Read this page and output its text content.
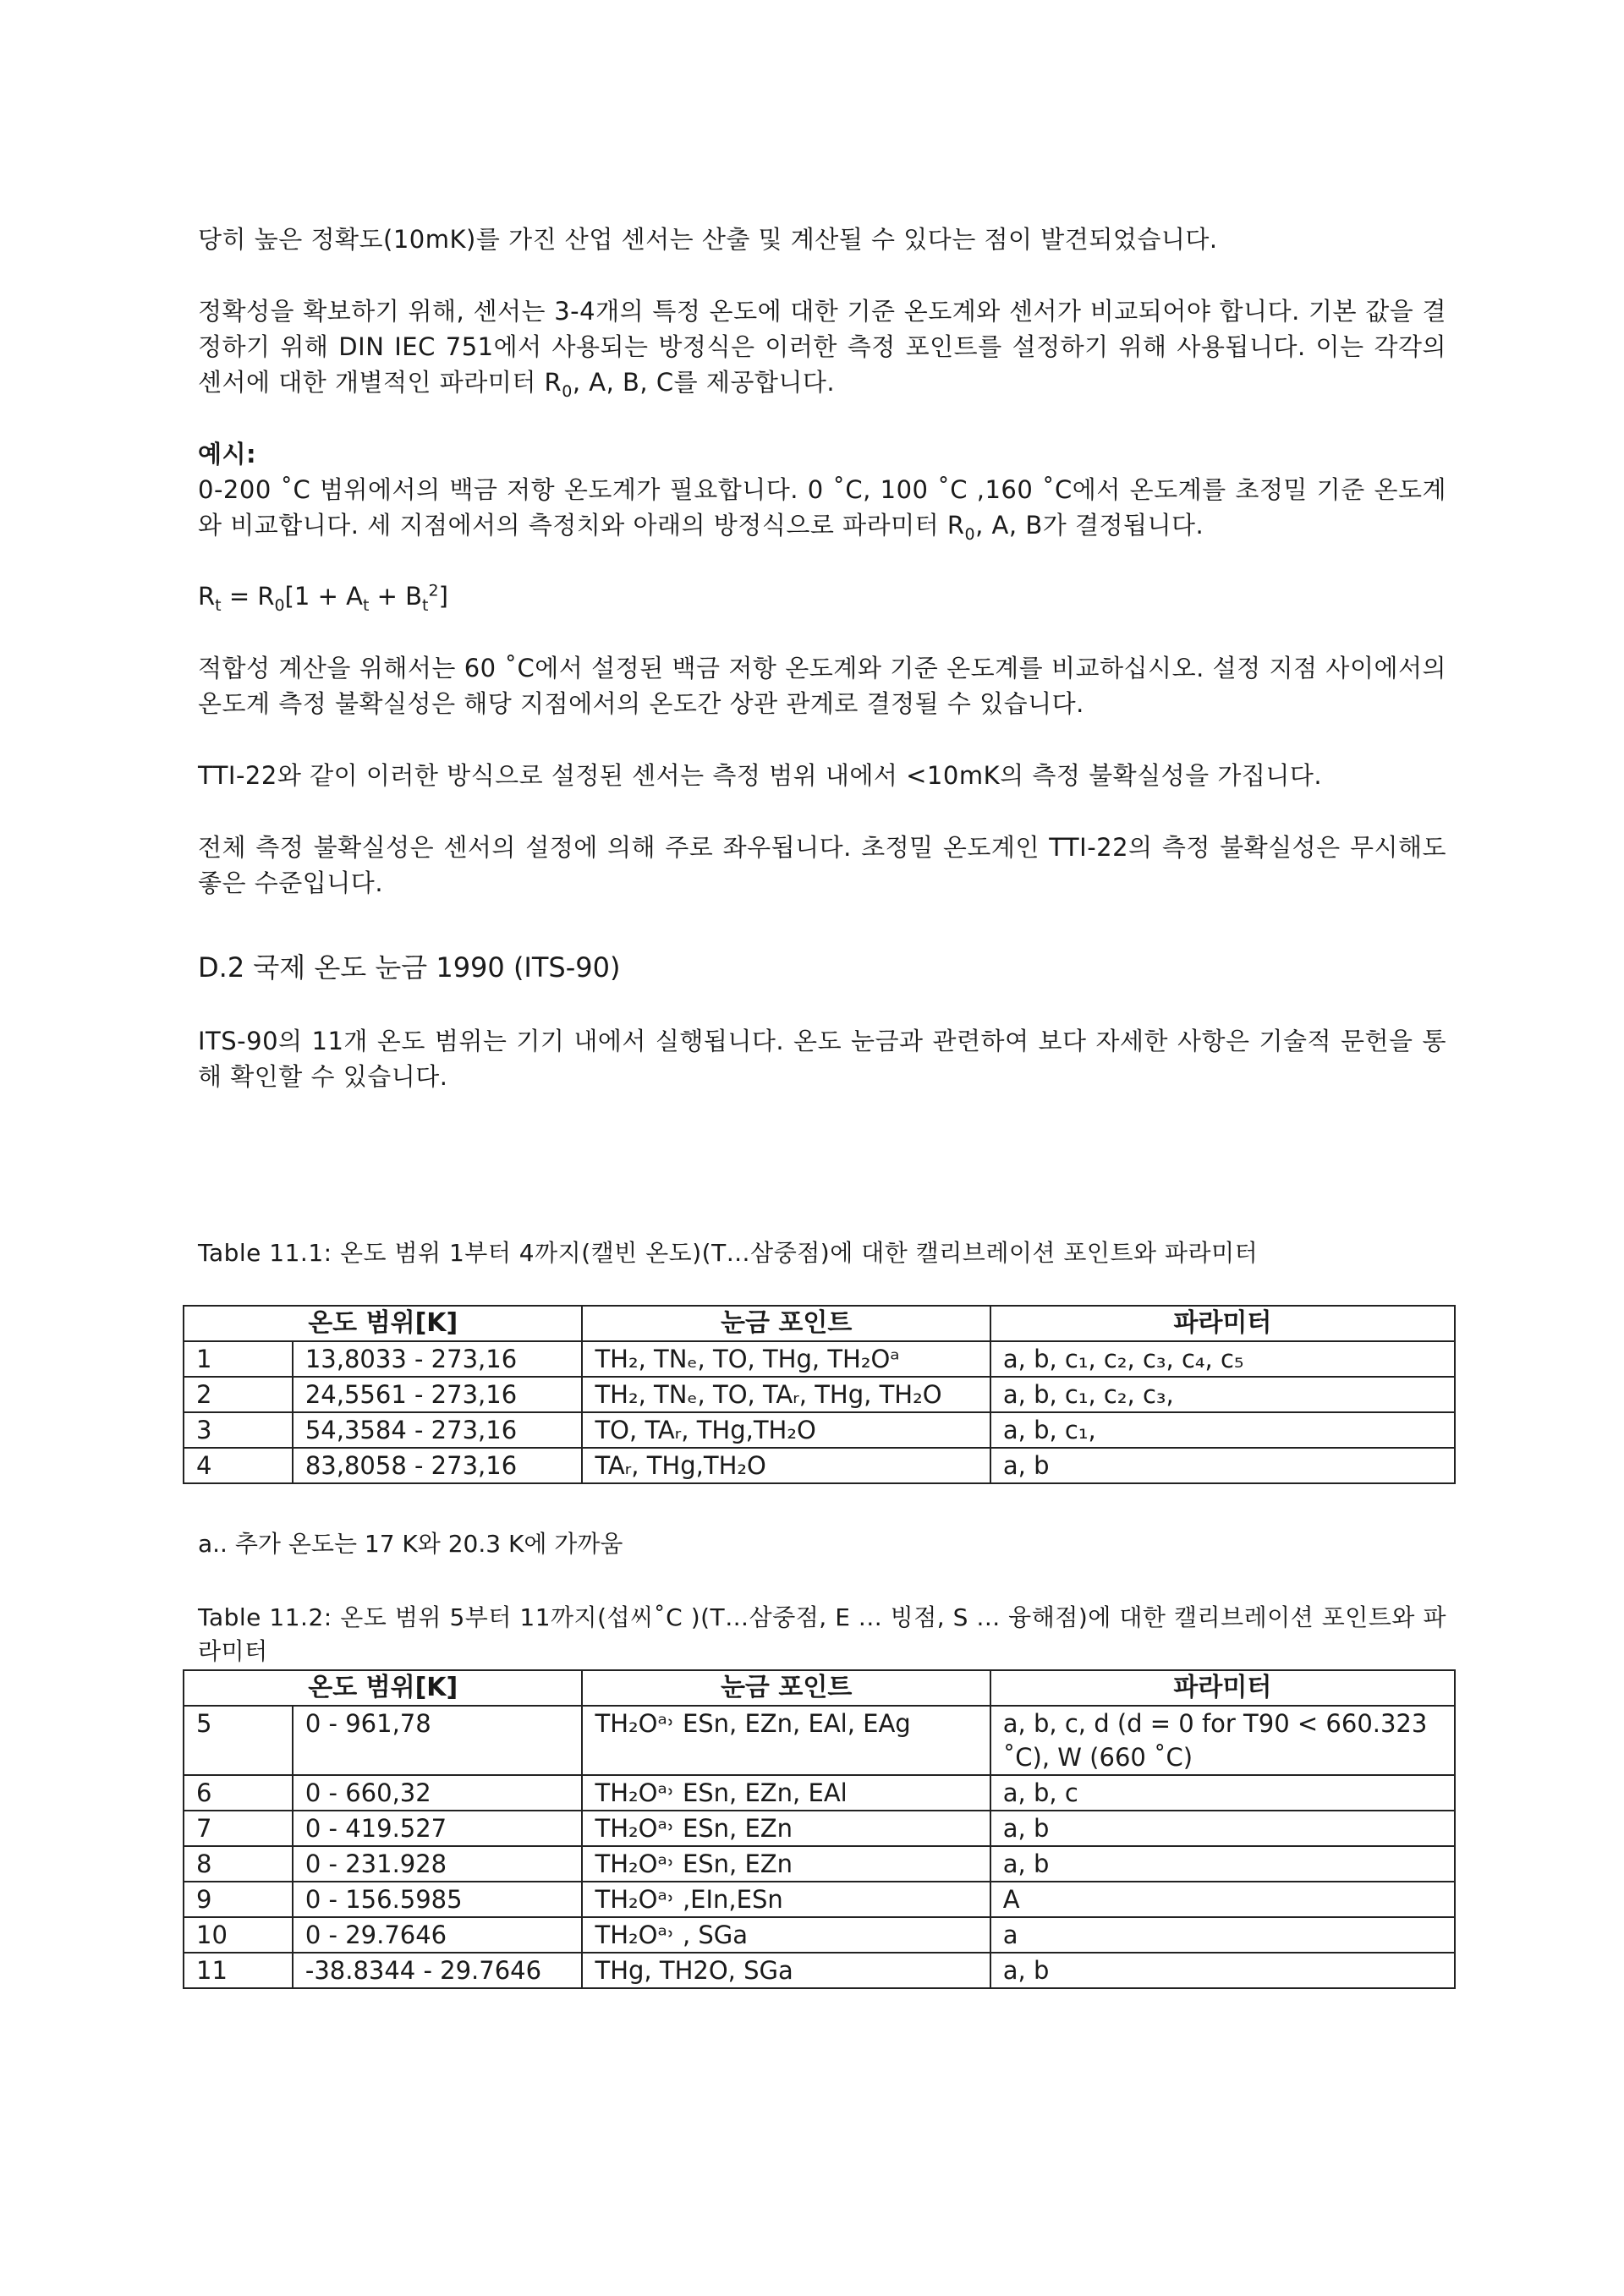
당히 높은 정확도(10mK)를 가진 산업 센서는 산출 및 계산될 수 있다는 점이 발견되었습니다.

정확성을 확보하기 위해, 센서는 3-4개의 특정 온도에 대한 기준 온도계와 센서가 비교되어야 합니다. 기본 값을 결정하기 위해 DIN IEC 751에서 사용되는 방정식은 이러한 측정 포인트를 설정하기 위해 사용됩니다. 이는 각각의 센서에 대한 개별적인 파라미터 $R_0$, A, B, C를 제공합니다.

예시:

0-200 ˚C 범위에서의 백금 저항 온도계가 필요합니다. 0 ˚C, 100 ˚C ,160 ˚C에서 온도계를 초정밀 기준 온도계와 비교합니다. 세 지점에서의 측정치와 아래의 방정식으로 파라미터 $R_0$, A, B가 결정됩니다.

$R_t = R_0[1 + A_t + B_t^2]$

적합성 계산을 위해서는 60 ˚C에서 설정된 백금 저항 온도계와 기준 온도계를 비교하십시오. 설정 지점 사이에서의 온도계 측정 불확실성은 해당 지점에서의 온도간 상관 관계로 결정될 수 있습니다.

TTI-22와 같이 이러한 방식으로 설정된 센서는 측정 범위 내에서 <10mK의 측정 불확실성을 가집니다.

전체 측정 불확실성은 센서의 설정에 의해 주로 좌우됩니다. 초정밀 온도계인 TTI-22의 측정 불확실성은 무시해도 좋은 수준입니다.

D.2 국제 온도 눈금 1990 (ITS-90)

ITS-90의 11개 온도 범위는 기기 내에서 실행됩니다. 온도 눈금과 관련하여 보다 자세한 사항은 기술적 문헌을 통해 확인할 수 있습니다.

Table 11.1: 온도 범위 1부터 4까지(캘빈 온도)(T…삼중점)에 대한 캘리브레이션 포인트와 파라미터

온도 범위[K]		눈금 포인트	파라미터
1	13,8033 - 273,16	TH₂, TNₑ, TO, THg, TH₂Oᵃ	a, b, c₁, c₂, c₃, c₄, c₅
2	24,5561 - 273,16	TH₂, TNₑ, TO, TAᵣ, THg, TH₂O	a, b, c₁, c₂, c₃,
3	54,3584 - 273,16	TO, TAᵣ, THg,TH₂O	a, b, c₁,
4	83,8058 - 273,16	TAᵣ, THg,TH₂O	a, b
a.. 추가 온도는 17 K와 20.3 K에 가까움

Table 11.2: 온도 범위 5부터 11까지(섭씨˚C )(T…삼중점, E ... 빙점, S ... 융해점)에 대한 캘리브레이션 포인트와 파라미터

온도 범위[K]		눈금 포인트	파라미터
5	0 - 961,78	TH₂Oᵃ˒ ESn, EZn, EAl, EAg	a, b, c, d (d = 0 for T90 < 660.323 ˚C), W (660 ˚C)
6	0 - 660,32	TH₂Oᵃ˒ ESn, EZn, EAl	a, b, c
7	0 - 419.527	TH₂Oᵃ˒ ESn, EZn	a, b
8	0 - 231.928	TH₂Oᵃ˒ ESn, EZn	a, b
9	0 - 156.5985	TH₂Oᵃ˒ ,EIn,ESn	A
10	0 - 29.7646	TH₂Oᵃ˒ , SGa	a
11	-38.8344 - 29.7646	THg, TH2O, SGa	a, b
